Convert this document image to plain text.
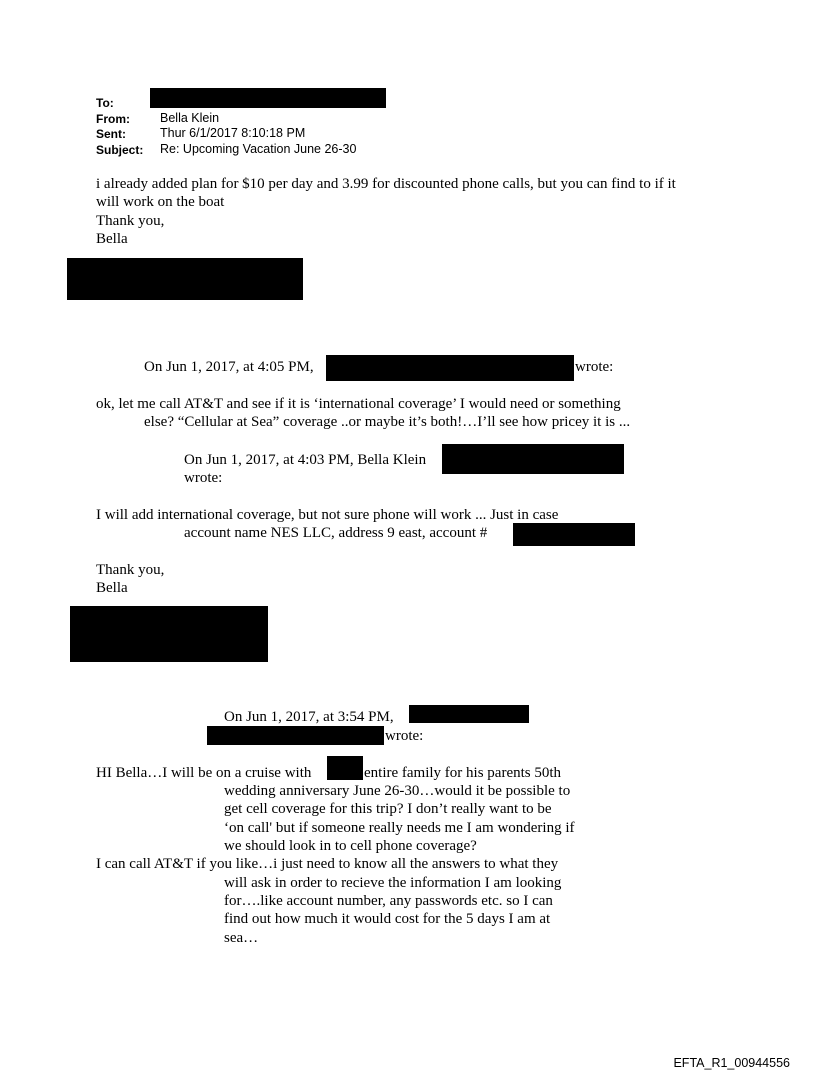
To:
From: Bella Klein
Sent:	Thur 6/1/2017 8:10:18 PM
Subject: Re: Upcoming Vacation June 26-30
i already added plan for $10 per day and 3.99 for discounted phone calls, but you can find to if it
will work on the boat
Thank you,
Bella
On Jun 1, 2017, at 4:05 PM,	wrote:
ok, let me call AT&T and see if it is ‘international coverage’ I would need or something
else? “Cellular at Sea” coverage ..or maybe it’s both!…I’ll see how pricey it is ...
On Jun 1, 2017, at 4:03 PM, Bella Klein
wrote:
I will add international coverage, but not sure phone will work ... Just in case
account name NES LLC, address 9 east, account #
Thank you,
Bella
On Jun 1, 2017, at 3:54 PM,
wrote:
HI Bella…I will be on a cruise with	entire family for his parents 50th
wedding anniversary June 26-30…would it be possible to
get cell coverage for this trip? I don’t really want to be
‘on call' but if someone really needs me I am wondering if
we should look in to cell phone coverage?
I can call AT&T if you like…i just need to know all the answers to what they
will ask in order to recieve the information I am looking
for….like account number, any passwords etc. so I can
find out how much it would cost for the 5 days I am at
sea…
EFTA_R1_00944556
